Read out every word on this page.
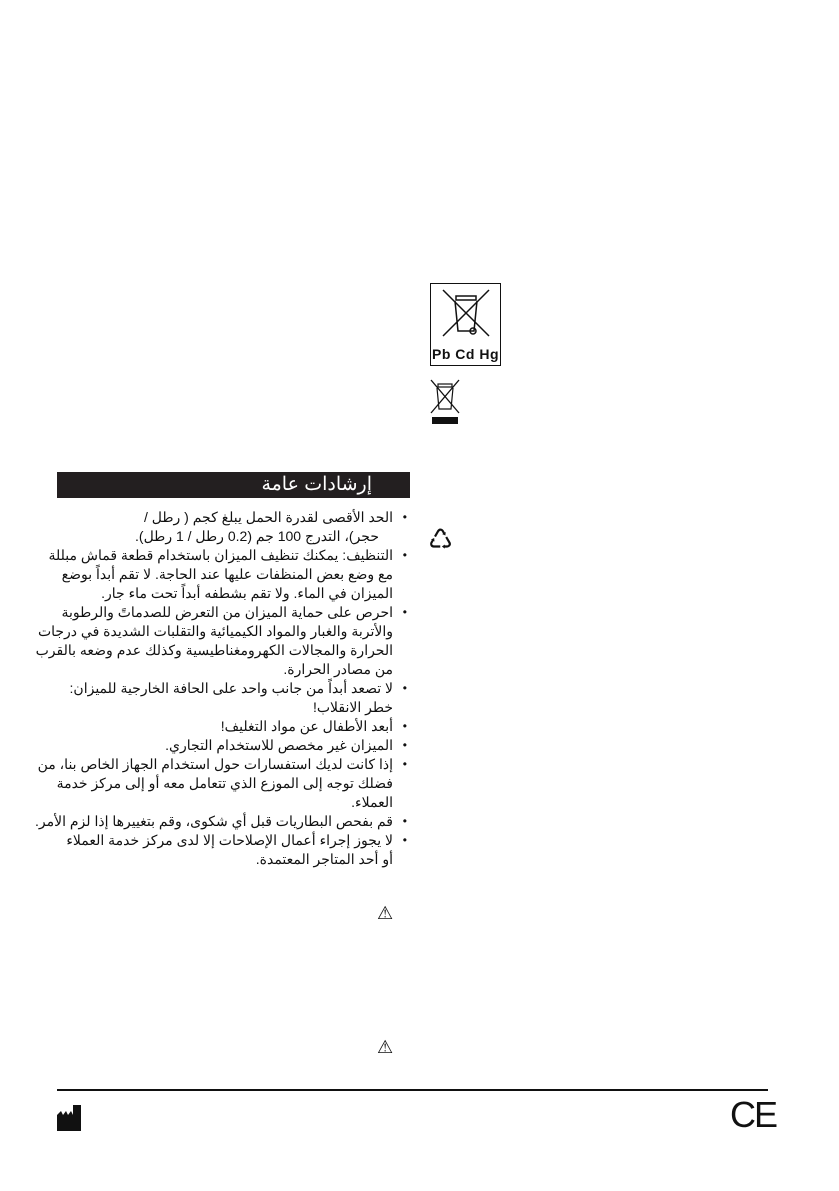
Pb Cd Hg
إرشادات عامة
♺
• الحد الأقصى لقدرة الحمل يبلغ كجم ( رطل /
حجر)، التدرج 100 جم (0.2 رطل / 1 رطل).
• التنظيف: يمكنك تنظيف الميزان باستخدام قطعة قماش مبللة
مع وضع بعض المنظفات عليها عند الحاجة. لا تقم أبداً بوضع
الميزان في الماء. ولا تقم بشطفه أبداً تحت ماء جار.
• احرص على حماية الميزان من التعرض للصدماتً والرطوبة
والأتربة والغبار والمواد الكيميائية والتقلبات الشديدة في درجات
الحرارة والمجالات الكهرومغناطيسية وكذلك عدم وضعه بالقرب
من مصادر الحرارة.
• لا تصعد أبداً من جانب واحد على الحافة الخارجية للميزان:
خطر الانقلاب!
• أبعد الأطفال عن مواد التغليف!
• الميزان غير مخصص للاستخدام التجاري.
• إذا كانت لديك استفسارات حول استخدام الجهاز الخاص بنا، من
فضلك توجه إلى الموزع الذي تتعامل معه أو إلى مركز خدمة
العملاء.
• قم بفحص البطاريات قبل أي شكوى، وقم بتغييرها إذا لزم الأمر.
• لا يجوز إجراء أعمال الإصلاحات إلا لدى مركز خدمة العملاء
أو أحد المتاجر المعتمدة.
⚠
⚠
CE
